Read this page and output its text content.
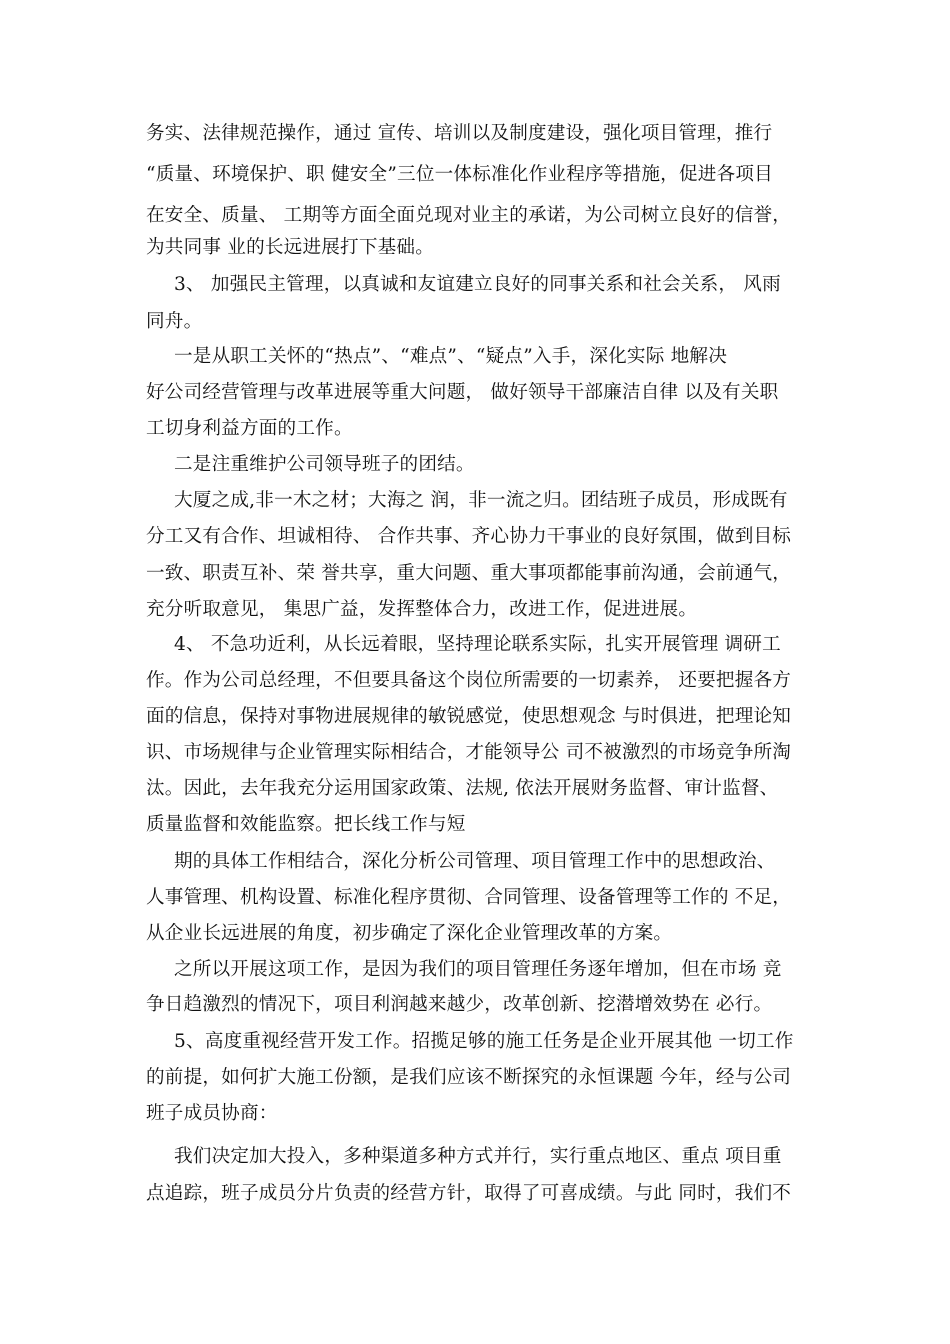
务实、法律规范操作，通过 宣传、培训以及制度建设，强化项目管理，推行
“质量、环境保护、职 健安全”三位一体标准化作业程序等措施，促进各项目
在安全、质量、 工期等方面全面兑现对业主的承诺，为公司树立良好的信誉，
为共同事 业的长远进展打下基础。
3、 加强民主管理，以真诚和友谊建立良好的同事关系和社会关系， 风雨
同舟。
一是从职工关怀的“热点”、“难点”、“疑点”入手，深化实际 地解决
好公司经营管理与改革进展等重大问题， 做好领导干部廉洁自律 以及有关职
工切身利益方面的工作。
二是注重维护公司领导班子的团结。
大厦之成,非一木之材；大海之 润，非一流之归。团结班子成员，形成既有
分工又有合作、坦诚相待、 合作共事、齐心协力干事业的良好氛围，做到目标
一致、职责互补、荣 誉共享，重大问题、重大事项都能事前沟通，会前通气，
充分听取意见， 集思广益，发挥整体合力，改进工作，促进进展。
4、 不急功近利，从长远着眼，坚持理论联系实际，扎实开展管理 调研工
作。作为公司总经理，不但要具备这个岗位所需要的一切素养， 还要把握各方
面的信息，保持对事物进展规律的敏锐感觉，使思想观念 与时俱进，把理论知
识、市场规律与企业管理实际相结合，才能领导公 司不被激烈的市场竞争所淘
汰。因此，去年我充分运用国家政策、法规, 依法开展财务监督、审计监督、
质量监督和效能监察。把长线工作与短
期的具体工作相结合，深化分析公司管理、项目管理工作中的思想政治、
人事管理、机构设置、标准化程序贯彻、合同管理、设备管理等工作的 不足，
从企业长远进展的角度，初步确定了深化企业管理改革的方案。
之所以开展这项工作，是因为我们的项目管理任务逐年增加，但在市场 竞
争日趋激烈的情况下，项目利润越来越少，改革创新、挖潜增效势在 必行。
5、高度重视经营开发工作。招揽足够的施工任务是企业开展其他 一切工作
的前提，如何扩大施工份额，是我们应该不断探究的永恒课题 今年，经与公司
班子成员协商：
我们决定加大投入，多种渠道多种方式并行，实行重点地区、重点 项目重
点追踪，班子成员分片负责的经营方针，取得了可喜成绩。与此 同时，我们不
